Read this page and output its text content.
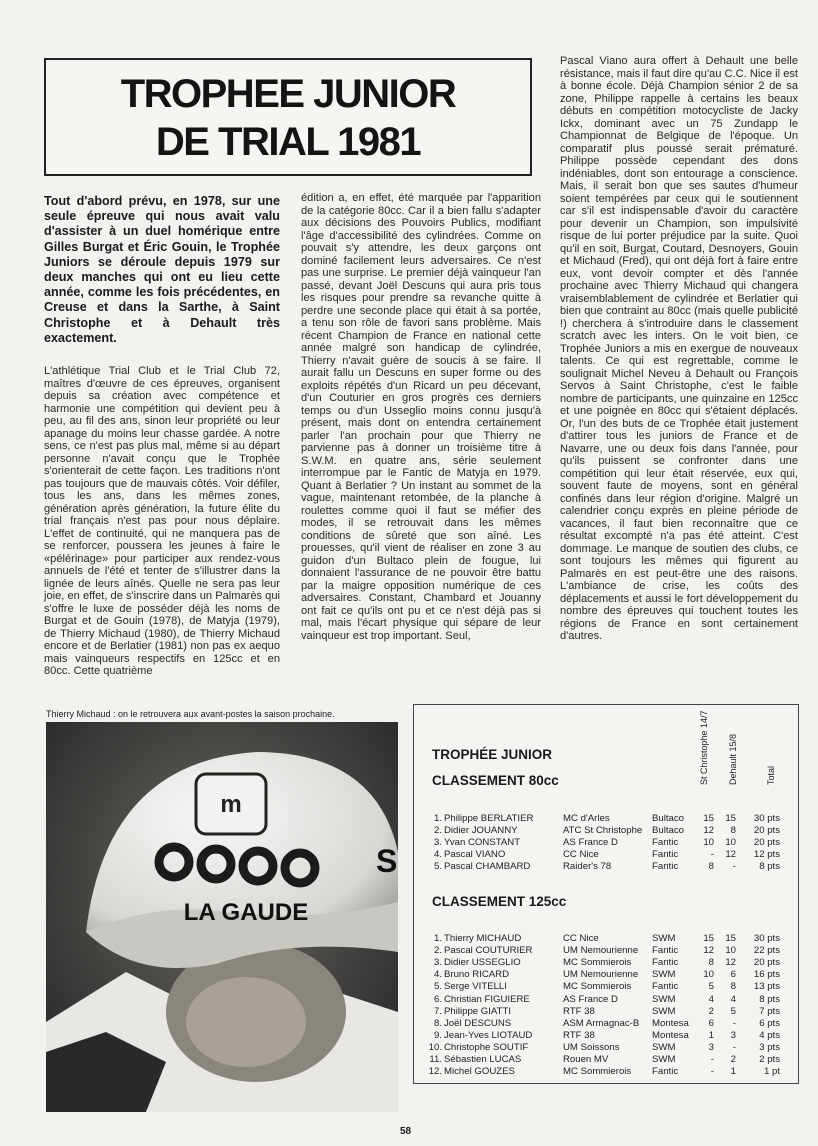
TROPHEE JUNIOR
DE TRIAL 1981
Tout d'abord prévu, en 1978, sur une seule épreuve qui nous avait valu d'assister à un duel homérique entre Gilles Burgat et Éric Gouin, le Trophée Juniors se déroule depuis 1979 sur deux manches qui ont eu lieu cette année, comme les fois précédentes, en Creuse et dans la Sarthe, à Saint Christophe et à Dehault très exactement.
L'athlétique Trial Club et le Trial Club 72, maîtres d'œuvre de ces épreuves, organisent depuis sa création avec compétence et harmonie une compétition qui devient peu à peu, au fil des ans, sinon leur propriété ou leur apanage du moins leur chasse gardée. A notre sens, ce n'est pas plus mal, même si au départ personne n'avait conçu que le Trophée s'orienterait de cette façon. Les traditions n'ont pas toujours que de mauvais côtés. Voir défiler, tous les ans, dans les mêmes zones, génération après génération, la future élite du trial français n'est pas pour nous déplaire. L'effet de continuité, qui ne manquera pas de se renforcer, poussera les jeunes à faire le «pélérinage» pour participer aux rendez-vous annuels de l'été et tenter de s'illustrer dans la lignée de leurs aînés. Quelle ne sera pas leur joie, en effet, de s'inscrire dans un Palmarès qui s'offre le luxe de posséder déjà les noms de Burgat et de Gouin (1978), de Matyja (1979), de Thierry Michaud (1980), de Thierry Michaud encore et de Berlatier (1981) non pas ex aequo mais vainqueurs respectifs en 125cc et en 80cc. Cette quatrième
édition a, en effet, été marquée par l'apparition de la catégorie 80cc. Car il a bien fallu s'adapter aux décisions des Pouvoirs Publics, modifiant l'âge d'accessibilité des cylindrées. Comme on pouvait s'y attendre, les deux garçons ont dominé facilement leurs adversaires. Ce n'est pas une surprise. Le premier déjà vainqueur l'an passé, devant Joël Descuns qui aura pris tous les risques pour prendre sa revanche quitte à perdre une seconde place qui était à sa portée, a tenu son rôle de favori sans problème. Mais récent Champion de France en national cette année malgré son handicap de cylindrée, Thierry n'avait guère de soucis à se faire. Il aurait fallu un Descuns en super forme ou des exploits répétés d'un Ricard un peu décevant, d'un Couturier en gros progrès ces derniers temps ou d'un Usseglio moins connu jusqu'à présent, mais dont on entendra certainement parler l'an prochain pour que Thierry ne parvienne pas à donner un troisième titre à S.W.M. en quatre ans, série seulement interrompue par le Fantic de Matyja en 1979. Quant à Berlatier ? Un instant au sommet de la vague, maintenant retombée, de la planche à roulettes comme quoi il faut se méfier des modes, il se retrouvait dans les mêmes conditions de sûreté que son aîné. Les prouesses, qu'il vient de réaliser en zone 3 au guidon d'un Bultaco plein de fougue, lui donnaient l'assurance de ne pouvoir être battu par la maigre opposition numérique de ces adversaires. Constant, Chambard et Jouanny ont fait ce qu'ils ont pu et ce n'est déjà pas si mal, mais l'écart physique qui sépare de leur vainqueur est trop important. Seul,
Pascal Viano aura offert à Dehault une belle résistance, mais il faut dire qu'au C.C. Nice il est à bonne école. Déjà Champion sénior 2 de sa zone, Philippe rappelle à certains les beaux débuts en compétition motocycliste de Jacky Ickx, dominant avec un 75 Zundapp le Championnat de Belgique de l'époque. Un comparatif plus poussé serait prématuré. Philippe possède cependant des dons indéniables, dont son entourage a conscience. Mais, il serait bon que ses sautes d'humeur soient tempérées par ceux qui le soutiennent car s'il est indispensable d'avoir du caractère pour devenir un Champion, son impulsivité risque de lui porter préjudice par la suite. Quoi qu'il en soit, Burgat, Coutard, Desnoyers, Gouin et Michaud (Fred), qui ont déjà fort à faire entre eux, vont devoir compter et dès l'année prochaine avec Thierry Michaud qui changera vraisemblablement de cylindrée et Berlatier qui bien que contraint au 80cc (mais quelle publicité !) cherchera à s'introduire dans le classement scratch avec les inters. On le voit bien, ce Trophée Juniors a mis en exergue de nouveaux talents. Ce qui est regrettable, comme le soulignait Michel Neveu à Dehault ou François Servos à Saint Christophe, c'est le faible nombre de participants, une quinzaine en 125cc et une poignée en 80cc qui s'étaient déplacés. Or, l'un des buts de ce Trophée était justement d'attirer tous les juniors de France et de Navarre, une ou deux fois dans l'année, pour qu'ils puissent se confronter dans une compétition qui leur était réservée, eux qui, souvent faute de moyens, sont en général confinés dans leur région d'origine. Malgré un calendrier conçu exprès en pleine période de vacances, il faut bien reconnaître que ce résultat excompté n'a pas été atteint. C'est dommage. Le manque de soutien des clubs, ce sont toujours les mêmes qui figurent au Palmarès en est peut-être une des raisons. L'ambiance de crise, les coûts des déplacements et aussi le fort développement du nombre des épreuves qui touchent toutes les régions de France en sont certainement d'autres.
Thierry Michaud : on le retrouvera aux avant-postes la saison prochaine.
m
LA GAUDE
S
TROPHÉE JUNIOR
CLASSEMENT 80cc	St Christophe 14/7 Dehault 15/8	Total
1. Philippe BERLATIER	MC d'Arles	Bultaco	15	15	30 pts
2. Didier JOUANNY	ATC St Christophe Bultaco	12	8	20 pts
3. Yvan CONSTANT	AS France D	Fantic	10	10	20 pts
4. Pascal VIANO	CC Nice	Fantic	-	12	12 pts
5. Pascal CHAMBARD	Raider's 78	Fantic	8	-	8 pts
CLASSEMENT 125cc
1. Thierry MICHAUD	CC Nice	SWM	15	15	30 pts
2. Pascal COUTURIER	UM Nemourienne Fantic	12	10	22 pts
3. Didier USSEGLIO	MC Sommierois Fantic	8	12	20 pts
4. Bruno RICARD	UM Nemourienne SWM	10	6	16 pts
5. Serge VITELLI	MC Sommierois Fantic	5	8	13 pts
6. Christian FIGUIERE	AS France D	SWM	4	4	8 pts
7. Philippe GIATTI	RTF 38	SWM	2	5	7 pts
8. Joël DESCUNS	ASM Armagnac-B Montesa	6	-	6 pts
9. Jean-Yves LIOTAUD	RTF 38	Montesa	1	3	4 pts
10. Christophe SOUTIF	UM Soissons	SWM	3	-	3 pts
11. Sébastien LUCAS	Rouen MV	SWM	-	2	2 pts
12. Michel GOUZES	MC Sommierois Fantic	-	1	1 pt
58
